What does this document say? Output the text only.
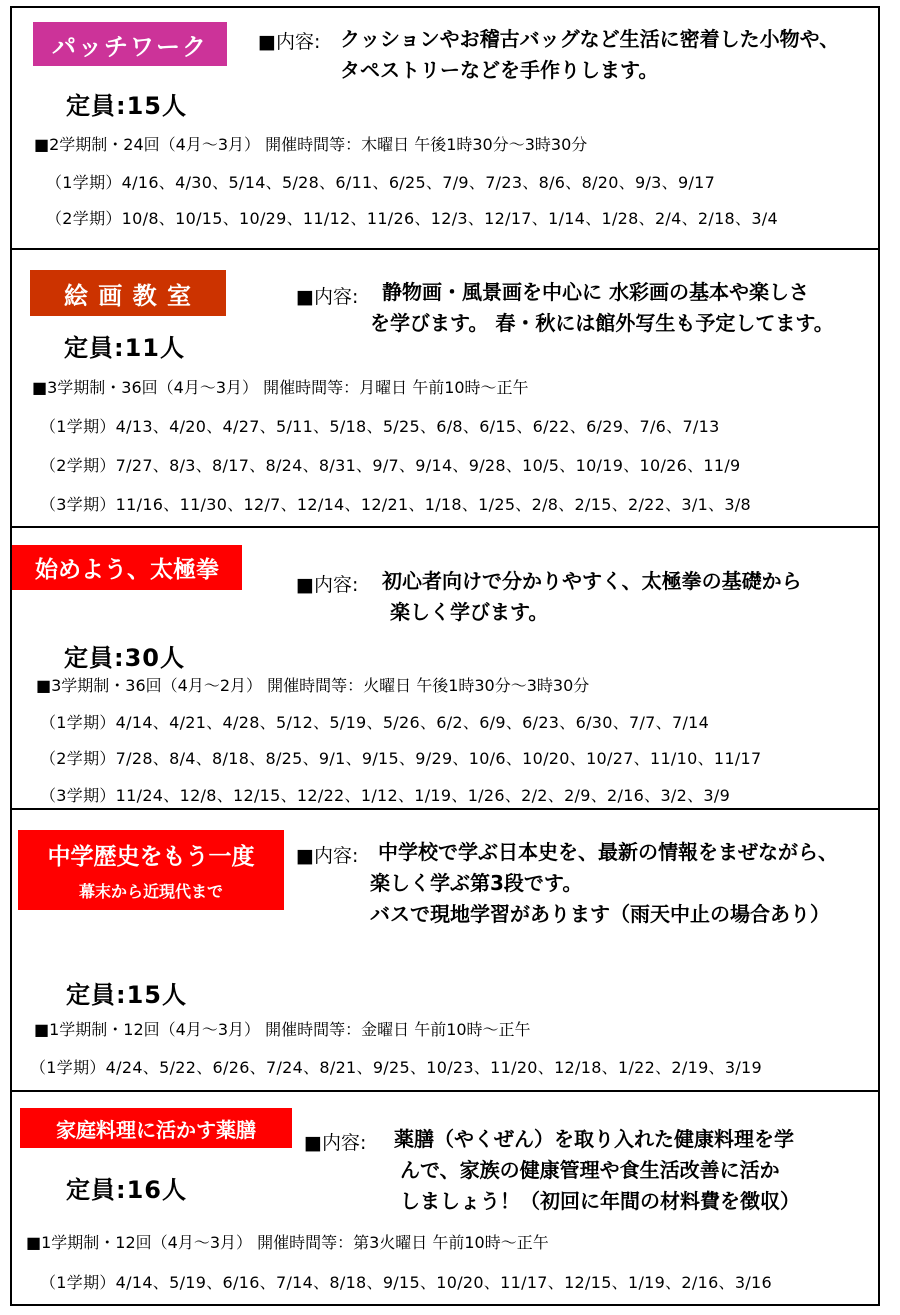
パッチワーク	■内容: クッションやお稽古バッグなど生活に密着した小物や、
タペストリーなどを手作りします。
定員:15人
■2学期制・24回（4月～3月） 開催時間等：木曜日 午後1時30分～3時30分
（1学期）4/16、4/30、5/14、5/28、6/11、6/25、7/9、7/23、8/6、8/20、9/3、9/17
（2学期）10/8、10/15、10/29、11/12、11/26、12/3、12/17、1/14、1/28、2/4、2/18、3/4
絵 画 教 室	■内容: 静物画・風景画を中心に 水彩画の基本や楽しさ
を学びます。 春・秋には館外写生も予定してます。
定員:11人
■3学期制・36回（4月～3月） 開催時間等：月曜日 午前10時～正午
（1学期）4/13、4/20、4/27、5/11、5/18、5/25、6/8、6/15、6/22、6/29、7/6、7/13
（2学期）7/27、8/3、8/17、8/24、8/31、9/7、9/14、9/28、10/5、10/19、10/26、11/9
（3学期）11/16、11/30、12/7、12/14、12/21、1/18、1/25、2/8、2/15、2/22、3/1、3/8
始めよう、太極拳
■内容: 初心者向けで分かりやすく、太極拳の基礎から
楽しく学びます。
定員:30人
■3学期制・36回（4月～2月） 開催時間等：火曜日 午後1時30分～3時30分
（1学期）4/14、4/21、4/28、5/12、5/19、5/26、6/2、6/9、6/23、6/30、7/7、7/14
（2学期）7/28、8/4、8/18、8/25、9/1、9/15、9/29、10/6、10/20、10/27、11/10、11/17
（3学期）11/24、12/8、12/15、12/22、1/12、1/19、1/26、2/2、2/9、2/16、3/2、3/9
中学歴史をもう一度
幕末から近現代まで
■内容: 中学校で学ぶ日本史を、最新の情報をまぜながら、
楽しく学ぶ第3段です。
バスで現地学習があります（雨天中止の場合あり）
定員:15人
■1学期制・12回（4月～3月） 開催時間等：金曜日 午前10時～正午
（1学期）4/24、5/22、6/26、7/24、8/21、9/25、10/23、11/20、12/18、1/22、2/19、3/19
家庭料理に活かす薬膳
■内容: 薬膳（やくぜん）を取り入れた健康料理を学
んで、家族の健康管理や食生活改善に活か
しましょう！（初回に年間の材料費を徴収）
定員:16人
■1学期制・12回（4月～3月） 開催時間等：第3火曜日 午前10時～正午
（1学期）4/14、5/19、6/16、7/14、8/18、9/15、10/20、11/17、12/15、1/19、2/16、3/16
